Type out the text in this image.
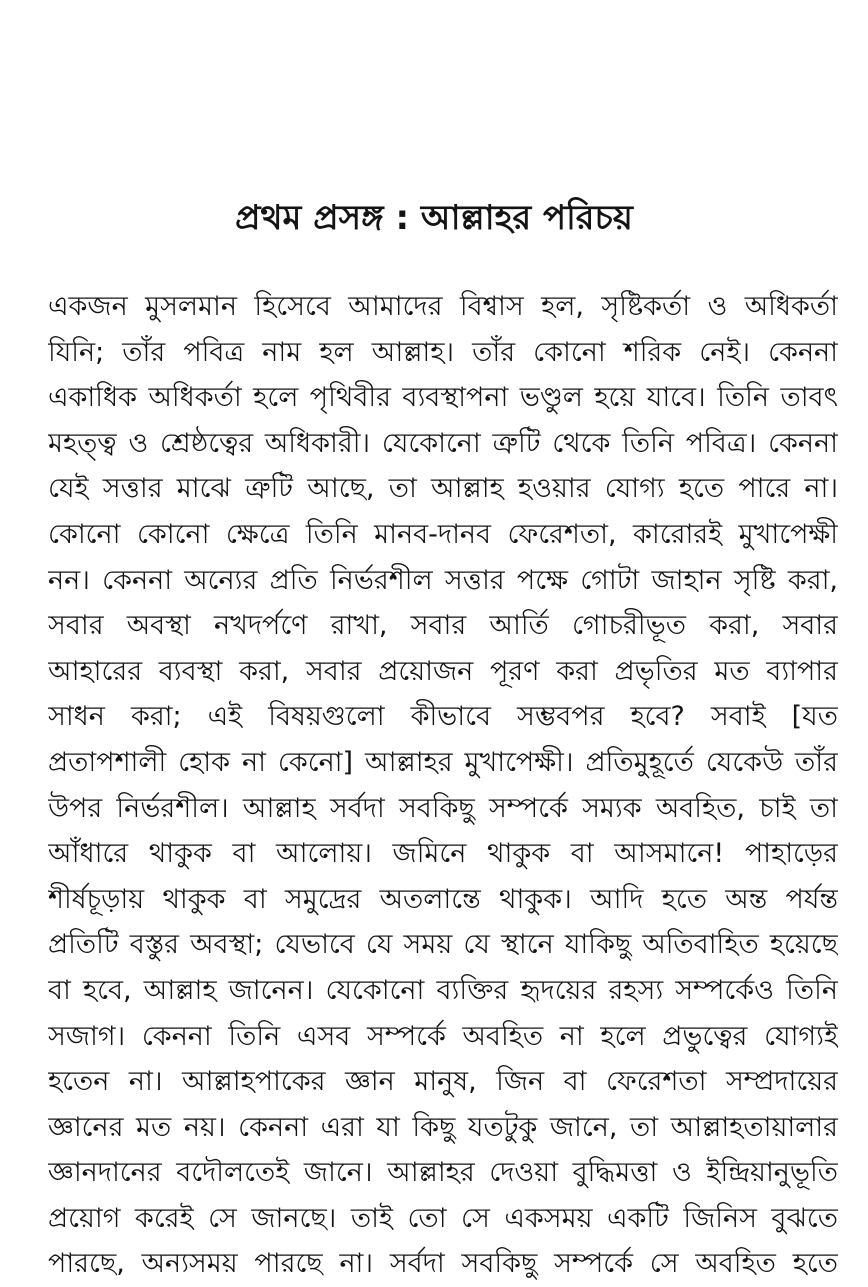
প্রথম প্রসঙ্গ : আল্লাহর পরিচয়
একজন মুসলমান হিসেবে আমাদের বিশ্বাস হল, সৃষ্টিকর্তা ও অধিকর্তা
যিনি; তাঁর পবিত্র নাম হল আল্লাহ। তাঁর কোনো শরিক নেই। কেননা
একাধিক অধিকর্তা হলে পৃথিবীর ব্যবস্থাপনা ভণ্ডুল হয়ে যাবে। তিনি তাবৎ
মহত্ত্ব ও শ্রেষ্ঠত্বের অধিকারী। যেকোনো ত্রুটি থেকে তিনি পবিত্র। কেননা
যেই সত্তার মাঝে ত্রুটি আছে, তা আল্লাহ হওয়ার যোগ্য হতে পারে না।
কোনো কোনো ক্ষেত্রে তিনি মানব-দানব ফেরেশতা, কারোরই মুখাপেক্ষী
নন। কেননা অন্যের প্রতি নির্ভরশীল সত্তার পক্ষে গোটা জাহান সৃষ্টি করা,
সবার অবস্থা নখদর্পণে রাখা, সবার আর্তি গোচরীভূত করা, সবার
আহারের ব্যবস্থা করা, সবার প্রয়োজন পূরণ করা প্রভৃতির মত ব্যাপার
সাধন করা; এই বিষয়গুলো কীভাবে সম্ভবপর হবে? সবাই [যত
প্রতাপশালী হোক না কেনো] আল্লাহর মুখাপেক্ষী। প্রতিমুহূর্তে যেকেউ তাঁর
উপর নির্ভরশীল। আল্লাহ সর্বদা সবকিছু সম্পর্কে সম্যক অবহিত, চাই তা
আঁধারে থাকুক বা আলোয়। জমিনে থাকুক বা আসমানে! পাহাড়ের
শীর্ষচূড়ায় থাকুক বা সমুদ্রের অতলান্তে থাকুক। আদি হতে অন্ত পর্যন্ত
প্রতিটি বস্তুর অবস্থা; যেভাবে যে সময় যে স্থানে যাকিছু অতিবাহিত হয়েছে
বা হবে, আল্লাহ জানেন। যেকোনো ব্যক্তির হৃদয়ের রহস্য সম্পর্কেও তিনি
সজাগ। কেননা তিনি এসব সম্পর্কে অবহিত না হলে প্রভুত্বের যোগ্যই
হতেন না। আল্লাহপাকের জ্ঞান মানুষ, জিন বা ফেরেশতা সম্প্রদায়ের
জ্ঞানের মত নয়। কেননা এরা যা কিছু যতটুকু জানে, তা আল্লাহতায়ালার
জ্ঞানদানের বদৌলতেই জানে। আল্লাহর দেওয়া বুদ্ধিমত্তা ও ইন্দ্রিয়ানুভূতি
প্রয়োগ করেই সে জানছে। তাই তো সে একসময় একটি জিনিস বুঝতে
পারছে, অন্যসময় পারছে না। সর্বদা সবকিছু সম্পর্কে সে অবহিত হতে
